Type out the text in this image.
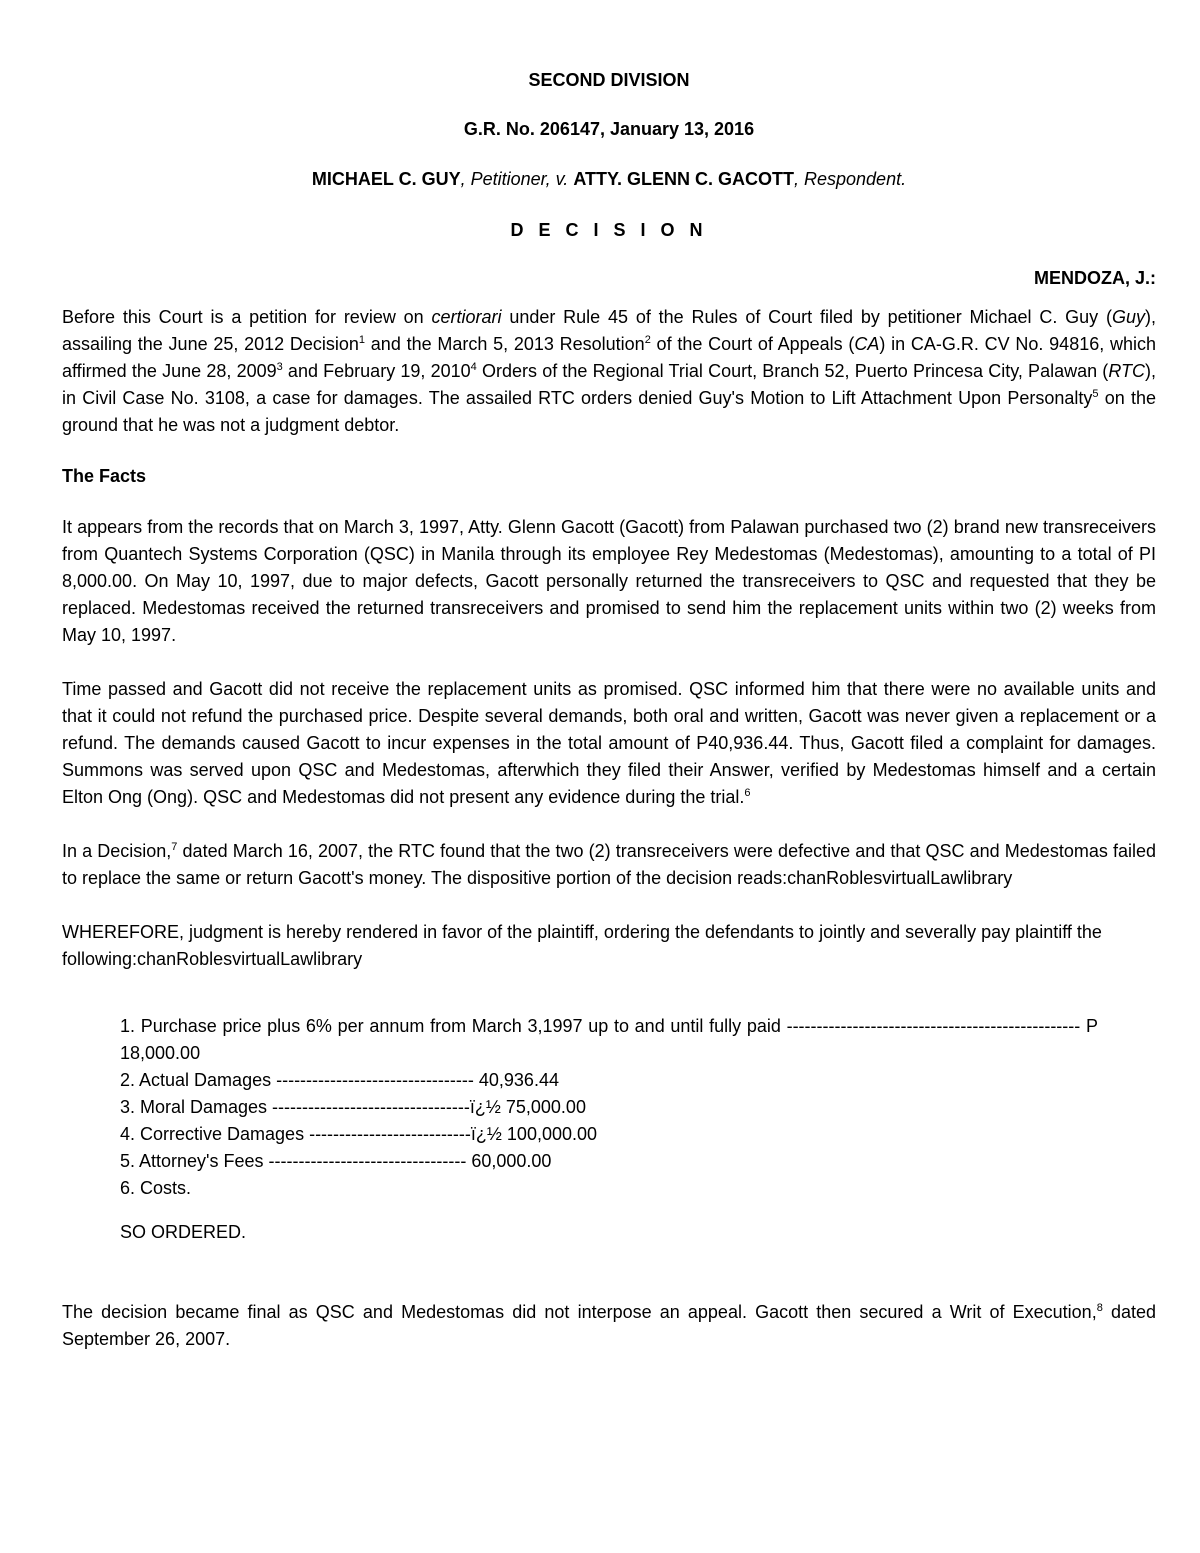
SECOND DIVISION
G.R. No. 206147, January 13, 2016
MICHAEL C. GUY, Petitioner, v. ATTY. GLENN C. GACOTT, Respondent.
D E C I S I O N
MENDOZA, J.:

Before this Court is a petition for review on certiorari under Rule 45 of the Rules of Court filed by petitioner Michael C. Guy (Guy), assailing the June 25, 2012 Decision$^1$ and the March 5, 2013 Resolution$^2$ of the Court of Appeals (CA) in CA-G.R. CV No. 94816, which affirmed the June 28, 2009$^3$ and February 19, 2010$^4$ Orders of the Regional Trial Court, Branch 52, Puerto Princesa City, Palawan (RTC), in Civil Case No. 3108, a case for damages. The assailed RTC orders denied Guy's Motion to Lift Attachment Upon Personalty$^5$ on the ground that he was not a judgment debtor.

The Facts

It appears from the records that on March 3, 1997, Atty. Glenn Gacott (Gacott) from Palawan purchased two (2) brand new transreceivers from Quantech Systems Corporation (QSC) in Manila through its employee Rey Medestomas (Medestomas), amounting to a total of PI 8,000.00. On May 10, 1997, due to major defects, Gacott personally returned the transreceivers to QSC and requested that they be replaced. Medestomas received the returned transreceivers and promised to send him the replacement units within two (2) weeks from May 10, 1997.

Time passed and Gacott did not receive the replacement units as promised. QSC informed him that there were no available units and that it could not refund the purchased price. Despite several demands, both oral and written, Gacott was never given a replacement or a refund. The demands caused Gacott to incur expenses in the total amount of P40,936.44. Thus, Gacott filed a complaint for damages. Summons was served upon QSC and Medestomas, afterwhich they filed their Answer, verified by Medestomas himself and a certain Elton Ong (Ong). QSC and Medestomas did not present any evidence during the trial.$^6$

In a Decision,$^7$ dated March 16, 2007, the RTC found that the two (2) transreceivers were defective and that QSC and Medestomas failed to replace the same or return Gacott's money. The dispositive portion of the decision reads:chanRoblesvirtualLawlibrary

WHEREFORE, judgment is hereby rendered in favor of the plaintiff, ordering the defendants to jointly and severally pay plaintiff the following:chanRoblesvirtualLawlibrary
1. Purchase price plus 6% per annum from March 3,1997 up to and until fully paid ------------------------------------------------- P 18,000.00
2. Actual Damages --------------------------------- 40,936.44
3. Moral Damages ---------------------------------ï¿½ 75,000.00
4. Corrective Damages ---------------------------ï¿½ 100,000.00
5. Attorney's Fees --------------------------------- 60,000.00
6. Costs.
SO ORDERED.

The decision became final as QSC and Medestomas did not interpose an appeal. Gacott then secured a Writ of Execution,$^8$ dated September 26, 2007.
